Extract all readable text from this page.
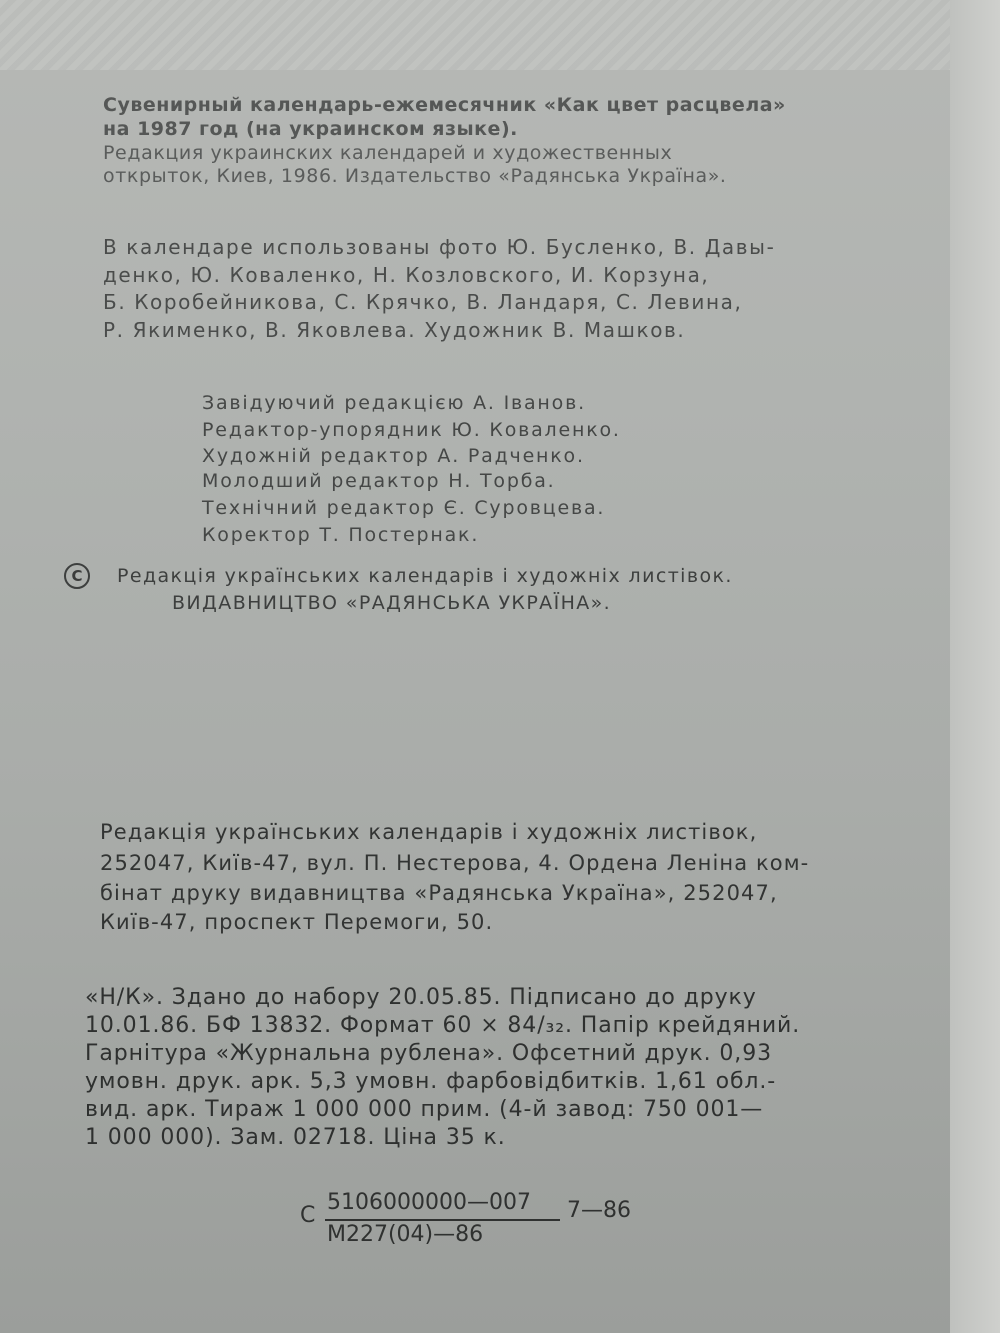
Сувенирный календарь-ежемесячник «Как цвет расцвела»
на 1987 год (на украинском языке).
Редакция украинских календарей и художественных
открыток, Киев, 1986. Издательство «Радянська Україна».
В календаре использованы фото Ю. Бусленко, В. Давы-
денко, Ю. Коваленко, Н. Козловского, И. Корзуна,
Б. Коробейникова, С. Крячко, В. Ландаря, С. Левина,
Р. Якименко, В. Яковлева. Художник В. Машков.
Завідуючий редакцією А. Іванов.
Редактор-упорядник Ю. Коваленко.
Художній редактор А. Радченко.
Молодший редактор Н. Торба.
Технічний редактор Є. Суровцева.
Коректор Т. Постернак.
C	Редакція українських календарів і художніх листівок.
ВИДАВНИЦТВО «РАДЯНСЬКА УКРАЇНА».
Редакція українських календарів і художніх листівок,
252047, Київ-47, вул. П. Нестерова, 4. Ордена Леніна ком-
бінат друку видавництва «Радянська Україна», 252047,
Київ-47, проспект Перемоги, 50.
«Н/К». Здано до набору 20.05.85. Підписано до друку
10.01.86. БФ 13832. Формат 60 × 84/₃₂. Папір крейдяний.
Гарнітура «Журнальна рублена». Офсетний друк. 0,93
умовн. друк. арк. 5,3 умовн. фарбовідбитків. 1,61 обл.-
вид. арк. Тираж 1 000 000 прим. (4-й завод: 750 001—
1 000 000). Зам. 02718. Ціна 35 к.
С
5106000000—007
М227(04)—86
7—86
